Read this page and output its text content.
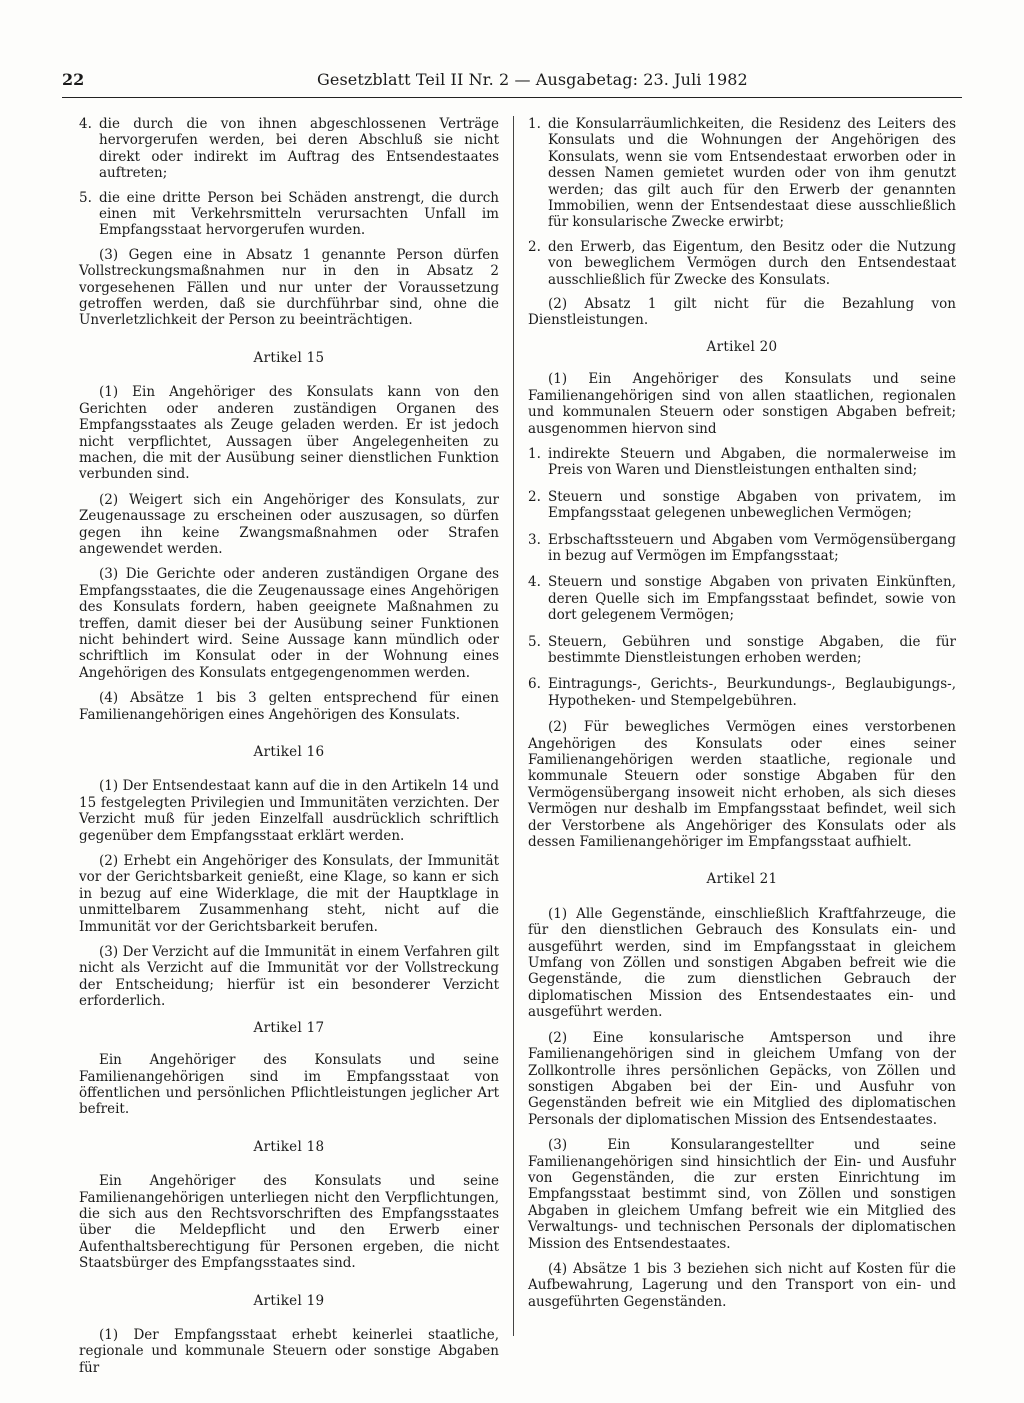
22	Gesetzblatt Teil II Nr. 2 — Ausgabetag: 23. Juli 1982
4. die durch die von ihnen abgeschlossenen Verträge hervorgerufen werden, bei deren Abschluß sie nicht direkt oder indirekt im Auftrag des Entsendestaates auftreten;
5. die eine dritte Person bei Schäden anstrengt, die durch einen mit Verkehrsmitteln verursachten Unfall im Empfangsstaat hervorgerufen wurden.

(3) Gegen eine in Absatz 1 genannte Person dürfen Vollstreckungsmaßnahmen nur in den in Absatz 2 vorgesehenen Fällen und nur unter der Voraussetzung getroffen werden, daß sie durchführbar sind, ohne die Unverletzlichkeit der Person zu beeinträchtigen.

Artikel 15

(1) Ein Angehöriger des Konsulats kann von den Gerichten oder anderen zuständigen Organen des Empfangsstaates als Zeuge geladen werden. Er ist jedoch nicht verpflichtet, Aussagen über Angelegenheiten zu machen, die mit der Ausübung seiner dienstlichen Funktion verbunden sind.

(2) Weigert sich ein Angehöriger des Konsulats, zur Zeugenaussage zu erscheinen oder auszusagen, so dürfen gegen ihn keine Zwangsmaßnahmen oder Strafen angewendet werden.

(3) Die Gerichte oder anderen zuständigen Organe des Empfangsstaates, die die Zeugenaussage eines Angehörigen des Konsulats fordern, haben geeignete Maßnahmen zu treffen, damit dieser bei der Ausübung seiner Funktionen nicht behindert wird. Seine Aussage kann mündlich oder schriftlich im Konsulat oder in der Wohnung eines Angehörigen des Konsulats entgegengenommen werden.

(4) Absätze 1 bis 3 gelten entsprechend für einen Familienangehörigen eines Angehörigen des Konsulats.

Artikel 16

(1) Der Entsendestaat kann auf die in den Artikeln 14 und 15 festgelegten Privilegien und Immunitäten verzichten. Der Verzicht muß für jeden Einzelfall ausdrücklich schriftlich gegenüber dem Empfangsstaat erklärt werden.

(2) Erhebt ein Angehöriger des Konsulats, der Immunität vor der Gerichtsbarkeit genießt, eine Klage, so kann er sich in bezug auf eine Widerklage, die mit der Hauptklage in unmittelbarem Zusammenhang steht, nicht auf die Immunität vor der Gerichtsbarkeit berufen.

(3) Der Verzicht auf die Immunität in einem Verfahren gilt nicht als Verzicht auf die Immunität vor der Vollstreckung der Entscheidung; hierfür ist ein besonderer Verzicht erforderlich.

Artikel 17

Ein Angehöriger des Konsulats und seine Familienangehörigen sind im Empfangsstaat von öffentlichen und persönlichen Pflichtleistungen jeglicher Art befreit.

Artikel 18

Ein Angehöriger des Konsulats und seine Familienangehörigen unterliegen nicht den Verpflichtungen, die sich aus den Rechtsvorschriften des Empfangsstaates über die Meldepflicht und den Erwerb einer Aufenthaltsberechtigung für Personen ergeben, die nicht Staatsbürger des Empfangsstaates sind.

Artikel 19

(1) Der Empfangsstaat erhebt keinerlei staatliche, regionale und kommunale Steuern oder sonstige Abgaben für

1. die Konsularräumlichkeiten, die Residenz des Leiters des Konsulats und die Wohnungen der Angehörigen des Konsulats, wenn sie vom Entsendestaat erworben oder in dessen Namen gemietet wurden oder von ihm genutzt werden; das gilt auch für den Erwerb der genannten Immobilien, wenn der Entsendestaat diese ausschließlich für konsularische Zwecke erwirbt;
2. den Erwerb, das Eigentum, den Besitz oder die Nutzung von beweglichem Vermögen durch den Entsendestaat ausschließlich für Zwecke des Konsulats.

(2) Absatz 1 gilt nicht für die Bezahlung von Dienstleistungen.

Artikel 20

(1) Ein Angehöriger des Konsulats und seine Familienangehörigen sind von allen staatlichen, regionalen und kommunalen Steuern oder sonstigen Abgaben befreit; ausgenommen hiervon sind

1. indirekte Steuern und Abgaben, die normalerweise im Preis von Waren und Dienstleistungen enthalten sind;
2. Steuern und sonstige Abgaben von privatem, im Empfangsstaat gelegenen unbeweglichen Vermögen;
3. Erbschaftssteuern und Abgaben vom Vermögensübergang in bezug auf Vermögen im Empfangsstaat;
4. Steuern und sonstige Abgaben von privaten Einkünften, deren Quelle sich im Empfangsstaat befindet, sowie von dort gelegenem Vermögen;
5. Steuern, Gebühren und sonstige Abgaben, die für bestimmte Dienstleistungen erhoben werden;
6. Eintragungs-, Gerichts-, Beurkundungs-, Beglaubigungs-, Hypotheken- und Stempelgebühren.

(2) Für bewegliches Vermögen eines verstorbenen Angehörigen des Konsulats oder eines seiner Familienangehörigen werden staatliche, regionale und kommunale Steuern oder sonstige Abgaben für den Vermögensübergang insoweit nicht erhoben, als sich dieses Vermögen nur deshalb im Empfangsstaat befindet, weil sich der Verstorbene als Angehöriger des Konsulats oder als dessen Familienangehöriger im Empfangsstaat aufhielt.

Artikel 21

(1) Alle Gegenstände, einschließlich Kraftfahrzeuge, die für den dienstlichen Gebrauch des Konsulats ein- und ausgeführt werden, sind im Empfangsstaat in gleichem Umfang von Zöllen und sonstigen Abgaben befreit wie die Gegenstände, die zum dienstlichen Gebrauch der diplomatischen Mission des Entsendestaates ein- und ausgeführt werden.

(2) Eine konsularische Amtsperson und ihre Familienangehörigen sind in gleichem Umfang von der Zollkontrolle ihres persönlichen Gepäcks, von Zöllen und sonstigen Abgaben bei der Ein- und Ausfuhr von Gegenständen befreit wie ein Mitglied des diplomatischen Personals der diplomatischen Mission des Entsendestaates.

(3) Ein Konsularangestellter und seine Familienangehörigen sind hinsichtlich der Ein- und Ausfuhr von Gegenständen, die zur ersten Einrichtung im Empfangsstaat bestimmt sind, von Zöllen und sonstigen Abgaben in gleichem Umfang befreit wie ein Mitglied des Verwaltungs- und technischen Personals der diplomatischen Mission des Entsendestaates.

(4) Absätze 1 bis 3 beziehen sich nicht auf Kosten für die Aufbewahrung, Lagerung und den Transport von ein- und ausgeführten Gegenständen.
